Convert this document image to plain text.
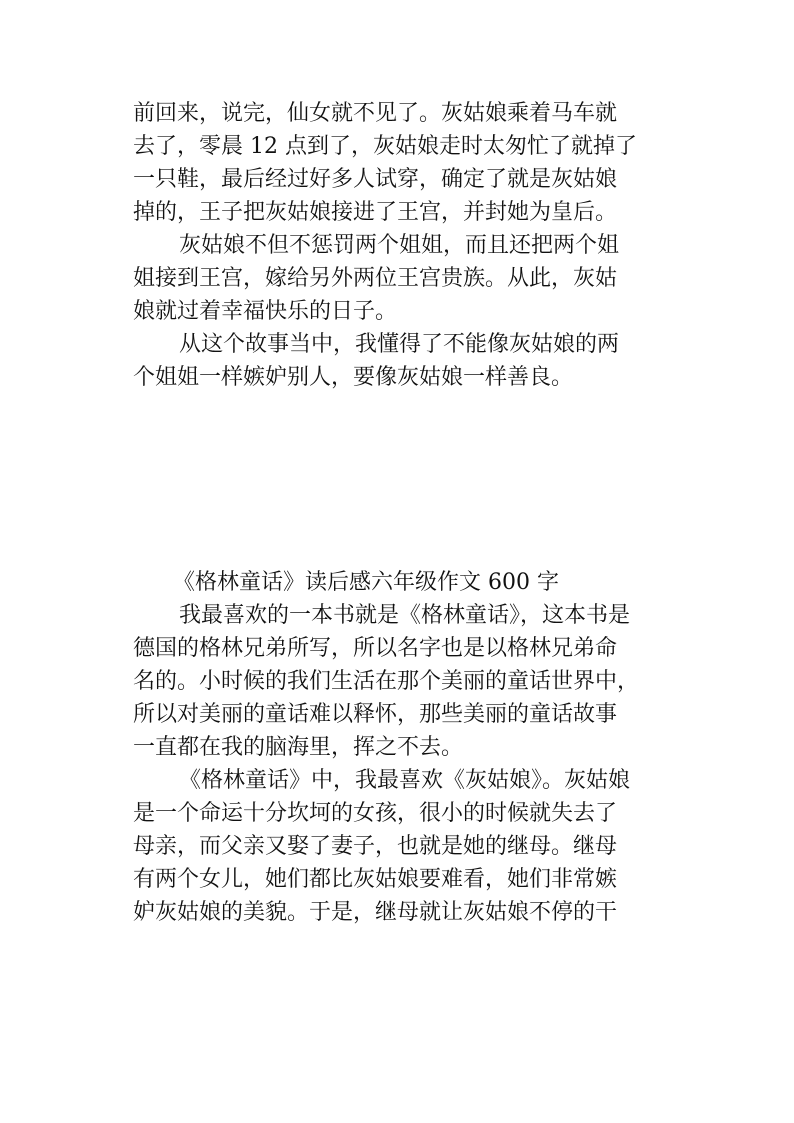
前回来，说完，仙女就不见了。灰姑娘乘着马车就
去了，零晨 12 点到了，灰姑娘走时太匆忙了就掉了
一只鞋，最后经过好多人试穿，确定了就是灰姑娘
掉的，王子把灰姑娘接进了王宫，并封她为皇后。
灰姑娘不但不惩罚两个姐姐，而且还把两个姐
姐接到王宫，嫁给另外两位王宫贵族。从此，灰姑
娘就过着幸福快乐的日子。
从这个故事当中，我懂得了不能像灰姑娘的两
个姐姐一样嫉妒别人，要像灰姑娘一样善良。
《格林童话》读后感六年级作文 600 字
我最喜欢的一本书就是《格林童话》，这本书是
德国的格林兄弟所写，所以名字也是以格林兄弟命
名的。小时候的我们生活在那个美丽的童话世界中，
所以对美丽的童话难以释怀，那些美丽的童话故事
一直都在我的脑海里，挥之不去。
《格林童话》中，我最喜欢《灰姑娘》。灰姑娘
是一个命运十分坎坷的女孩，很小的时候就失去了
母亲，而父亲又娶了妻子，也就是她的继母。继母
有两个女儿，她们都比灰姑娘要难看，她们非常嫉
妒灰姑娘的美貌。于是，继母就让灰姑娘不停的干
